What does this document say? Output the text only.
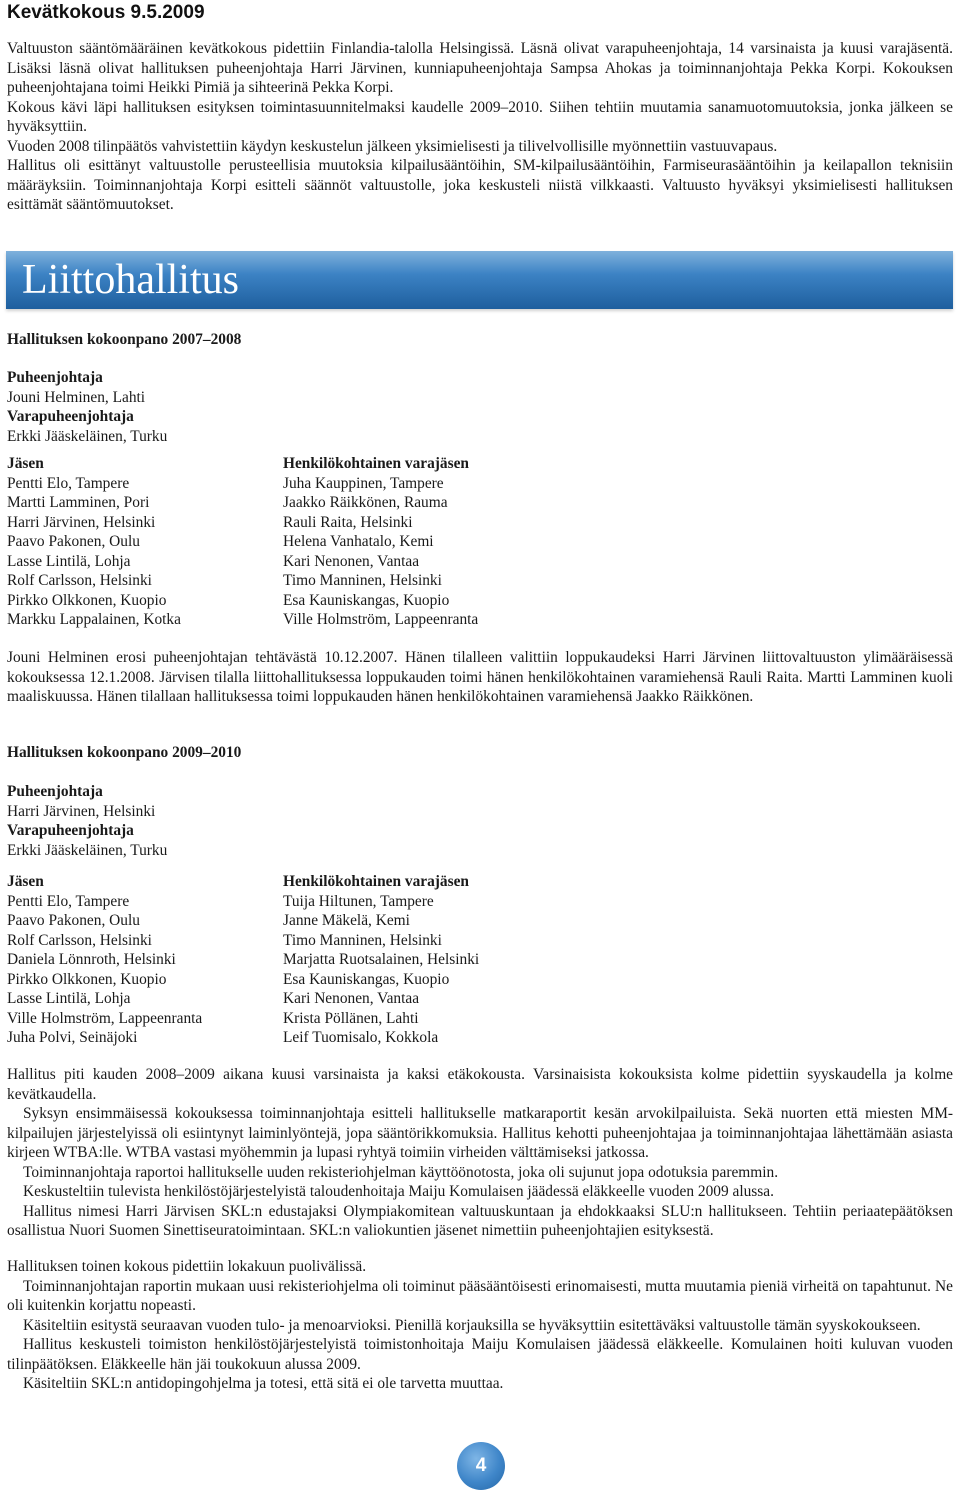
Kevätkokous 9.5.2009

Valtuuston sääntömääräinen kevätkokous pidettiin Finlandia-talolla Helsingissä. Läsnä olivat varapuheenjohtaja, 14 varsinaista ja kuusi varajäsentä. Lisäksi läsnä olivat hallituksen puheenjohtaja Harri Järvinen, kunniapuheenjohtaja Sampsa Ahokas ja toiminnanjohtaja Pekka Korpi. Kokouksen puheenjohtajana toimi Heikki Pimiä ja sihteerinä Pekka Korpi.

Kokous kävi läpi hallituksen esityksen toimintasuunnitelmaksi kaudelle 2009–2010. Siihen tehtiin muutamia sanamuotomuutoksia, jonka jälkeen se hyväksyttiin.

Vuoden 2008 tilinpäätös vahvistettiin käydyn keskustelun jälkeen yksimielisesti ja tilivelvollisille myönnettiin vastuuvapaus.

Hallitus oli esittänyt valtuustolle perusteellisia muutoksia kilpailusääntöihin, SM-kilpailusääntöihin, Farmiseurasääntöihin ja keilapallon teknisiin määräyksiin. Toiminnanjohtaja Korpi esitteli säännöt valtuustolle, joka keskusteli niistä vilkkaasti. Valtuusto hyväksyi yksimielisesti hallituksen esittämät sääntömuutokset.

Liittohallitus
Hallituksen kokoonpano 2007–2008
Puheenjohtaja
Jouni Helminen, Lahti
Varapuheenjohtaja
Erkki Jääskeläinen, Turku
Jäsen
Pentti Elo, Tampere
Martti Lamminen, Pori
Harri Järvinen, Helsinki
Paavo Pakonen, Oulu
Lasse Lintilä, Lohja
Rolf Carlsson, Helsinki
Pirkko Olkkonen, Kuopio
Markku Lappalainen, Kotka
Henkilökohtainen varajäsen
Juha Kauppinen, Tampere
Jaakko Räikkönen, Rauma
Rauli Raita, Helsinki
Helena Vanhatalo, Kemi
Kari Nenonen, Vantaa
Timo Manninen, Helsinki
Esa Kauniskangas, Kuopio
Ville Holmström, Lappeenranta

Jouni Helminen erosi puheenjohtajan tehtävästä 10.12.2007. Hänen tilalleen valittiin loppukaudeksi Harri Järvinen liittovaltuuston ylimääräisessä kokouksessa 12.1.2008. Järvisen tilalla liittohallituksessa loppukauden toimi hänen henkilökohtainen varamiehensä Rauli Raita. Martti Lamminen kuoli maaliskuussa. Hänen tilallaan hallituksessa toimi loppukauden hänen henkilökohtainen varamiehensä Jaakko Räikkönen.

Hallituksen kokoonpano 2009–2010
Puheenjohtaja
Harri Järvinen, Helsinki
Varapuheenjohtaja
Erkki Jääskeläinen, Turku
Jäsen
Pentti Elo, Tampere
Paavo Pakonen, Oulu
Rolf Carlsson, Helsinki
Daniela Lönnroth, Helsinki
Pirkko Olkkonen, Kuopio
Lasse Lintilä, Lohja
Ville Holmström, Lappeenranta
Juha Polvi, Seinäjoki
Henkilökohtainen varajäsen
Tuija Hiltunen, Tampere
Janne Mäkelä, Kemi
Timo Manninen, Helsinki
Marjatta Ruotsalainen, Helsinki
Esa Kauniskangas, Kuopio
Kari Nenonen, Vantaa
Krista Pöllänen, Lahti
Leif Tuomisalo, Kokkola

Hallitus piti kauden 2008–2009 aikana kuusi varsinaista ja kaksi etäkokousta. Varsinaisista kokouksista kolme pidettiin syyskaudella ja kolme kevätkaudella.

Syksyn ensimmäisessä kokouksessa toiminnanjohtaja esitteli hallitukselle matkaraportit kesän arvokilpailuista. Sekä nuorten että miesten MM-kilpailujen järjestelyissä oli esiintynyt laiminlyöntejä, jopa sääntörikkomuksia. Hallitus kehotti puheenjohtajaa ja toiminnanjohtajaa lähettämään asiasta kirjeen WTBA:lle. WTBA vastasi myöhemmin ja lupasi ryhtyä toimiin virheiden välttämiseksi jatkossa.

Toiminnanjohtaja raportoi hallitukselle uuden rekisteriohjelman käyttöönotosta, joka oli sujunut jopa odotuksia paremmin.

Keskusteltiin tulevista henkilöstöjärjestelyistä taloudenhoitaja Maiju Komulaisen jäädessä eläkkeelle vuoden 2009 alussa.

Hallitus nimesi Harri Järvisen SKL:n edustajaksi Olympiakomitean valtuuskuntaan ja ehdokkaaksi SLU:n hallitukseen. Tehtiin periaatepäätöksen osallistua Nuori Suomen Sinettiseuratoimintaan. SKL:n valiokuntien jäsenet nimettiin puheenjohtajien esityksestä.

Hallituksen toinen kokous pidettiin lokakuun puolivälissä.

Toiminnanjohtajan raportin mukaan uusi rekisteriohjelma oli toiminut pääsääntöisesti erinomaisesti, mutta muutamia pieniä virheitä on tapahtunut. Ne oli kuitenkin korjattu nopeasti.

Käsiteltiin esitystä seuraavan vuoden tulo- ja menoarvioksi. Pienillä korjauksilla se hyväksyttiin esitettäväksi valtuustolle tämän syyskokoukseen.

Hallitus keskusteli toimiston henkilöstöjärjestelyistä toimistonhoitaja Maiju Komulaisen jäädessä eläkkeelle. Komulainen hoiti kuluvan vuoden tilinpäätöksen. Eläkkeelle hän jäi toukokuun alussa 2009.

Käsiteltiin SKL:n antidopingohjelma ja totesi, että sitä ei ole tarvetta muuttaa.

4
